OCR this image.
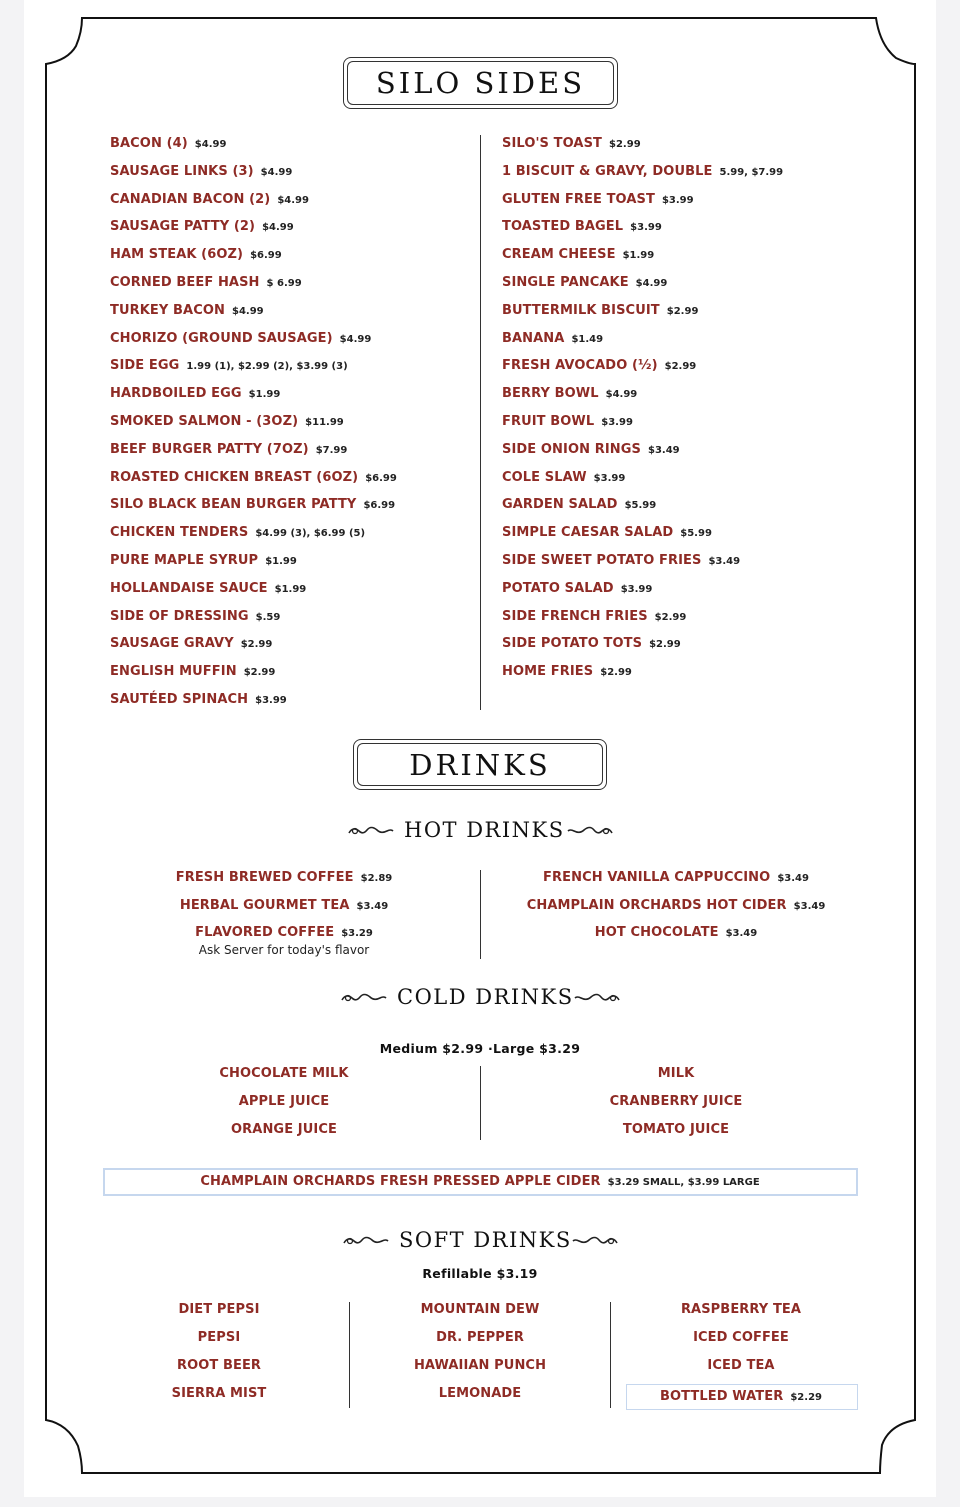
SILO SIDES
BACON (4) $4.99
SAUSAGE LINKS (3) $4.99
CANADIAN BACON (2) $4.99
SAUSAGE PATTY (2) $4.99
HAM STEAK (6OZ) $6.99
CORNED BEEF HASH $ 6.99
TURKEY BACON $4.99
CHORIZO (GROUND SAUSAGE) $4.99
SIDE EGG 1.99 (1), $2.99 (2), $3.99 (3)
HARDBOILED EGG $1.99
SMOKED SALMON - (3OZ) $11.99
BEEF BURGER PATTY (7OZ) $7.99
ROASTED CHICKEN BREAST (6OZ) $6.99
SILO BLACK BEAN BURGER PATTY $6.99
CHICKEN TENDERS $4.99 (3), $6.99 (5)
PURE MAPLE SYRUP $1.99
HOLLANDAISE SAUCE $1.99
SIDE OF DRESSING $.59
SAUSAGE GRAVY $2.99
ENGLISH MUFFIN $2.99
SAUTÉED SPINACH $3.99
SILO'S TOAST $2.99
1 BISCUIT & GRAVY, DOUBLE 5.99, $7.99
GLUTEN FREE TOAST $3.99
TOASTED BAGEL $3.99
CREAM CHEESE $1.99
SINGLE PANCAKE $4.99
BUTTERMILK BISCUIT $2.99
BANANA $1.49
FRESH AVOCADO (½) $2.99
BERRY BOWL $4.99
FRUIT BOWL $3.99
SIDE ONION RINGS $3.49
COLE SLAW $3.99
GARDEN SALAD $5.99
SIMPLE CAESAR SALAD $5.99
SIDE SWEET POTATO FRIES $3.49
POTATO SALAD $3.99
SIDE FRENCH FRIES $2.99
SIDE POTATO TOTS $2.99
HOME FRIES $2.99
DRINKS
HOT DRINKS
FRESH BREWED COFFEE $2.89
HERBAL GOURMET TEA $3.49
FLAVORED COFFEE $3.29
Ask Server for today's flavor
FRENCH VANILLA CAPPUCCINO $3.49
CHAMPLAIN ORCHARDS HOT CIDER $3.49
HOT CHOCOLATE $3.49
COLD DRINKS
Medium $2.99 ·Large $3.29
CHOCOLATE MILK
APPLE JUICE
ORANGE JUICE
MILK
CRANBERRY JUICE
TOMATO JUICE
CHAMPLAIN ORCHARDS FRESH PRESSED APPLE CIDER $3.29 SMALL, $3.99 LARGE
SOFT DRINKS
Refillable $3.19
DIET PEPSI
PEPSI
ROOT BEER
SIERRA MIST
MOUNTAIN DEW
DR. PEPPER
HAWAIIAN PUNCH
LEMONADE
RASPBERRY TEA
ICED COFFEE
ICED TEA
BOTTLED WATER $2.29
